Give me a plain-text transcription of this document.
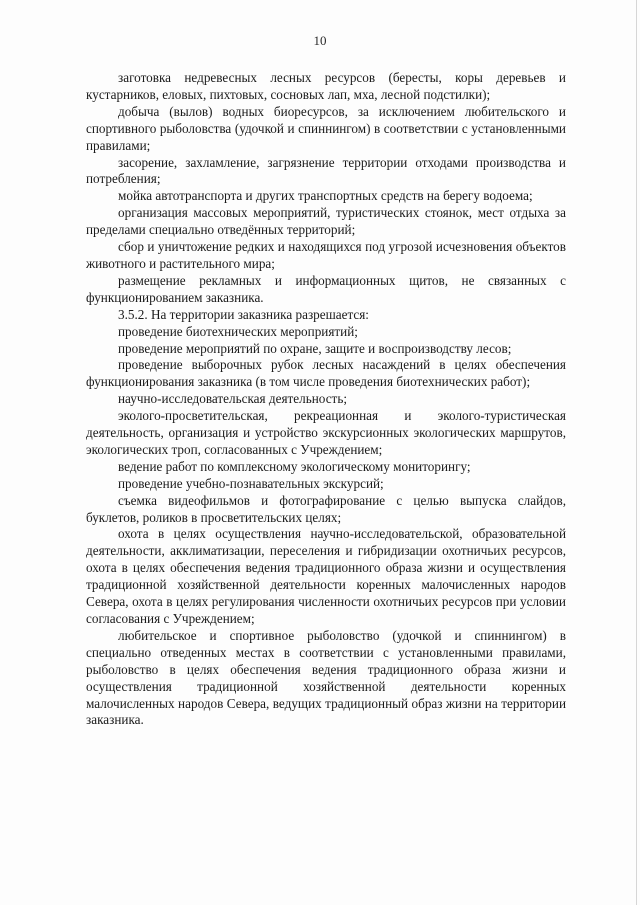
10

заготовка недревесных лесных ресурсов (бересты, коры деревьев и кустарников, еловых, пихтовых, сосновых лап, мха, лесной подстилки);

добыча (вылов) водных биоресурсов, за исключением любительского и спортивного рыболовства (удочкой и спиннингом) в соответствии с установленными правилами;

засорение, захламление, загрязнение территории отходами производства и потребления;

мойка автотранспорта и других транспортных средств на берегу водоема;

организация массовых мероприятий, туристических стоянок, мест отдыха за пределами специально отведённых территорий;

сбор и уничтожение редких и находящихся под угрозой исчезновения объектов животного и растительного мира;

размещение рекламных и информационных щитов, не связанных с функционированием заказника.

3.5.2. На территории заказника разрешается:

проведение биотехнических мероприятий;

проведение мероприятий по охране, защите и воспроизводству лесов;

проведение выборочных рубок лесных насаждений в целях обеспечения функционирования заказника (в том числе проведения биотехнических работ);

научно-исследовательская деятельность;

эколого-просветительская, рекреационная и эколого-туристическая деятельность, организация и устройство экскурсионных экологических маршрутов, экологических троп, согласованных с Учреждением;

ведение работ по комплексному экологическому мониторингу;

проведение учебно-познавательных экскурсий;

съемка видеофильмов и фотографирование с целью выпуска слайдов, буклетов, роликов в просветительских целях;

охота в целях осуществления научно-исследовательской, образовательной деятельности, акклиматизации, переселения и гибридизации охотничьих ресурсов, охота в целях обеспечения ведения традиционного образа жизни и осуществления традиционной хозяйственной деятельности коренных малочисленных народов Севера, охота в целях регулирования численности охотничьих ресурсов при условии согласования с Учреждением;

любительское и спортивное рыболовство (удочкой и спиннингом) в специально отведенных местах в соответствии с установленными правилами, рыболовство в целях обеспечения ведения традиционного образа жизни и осуществления традиционной хозяйственной деятельности коренных малочисленных народов Севера, ведущих традиционный образ жизни на территории заказника.
